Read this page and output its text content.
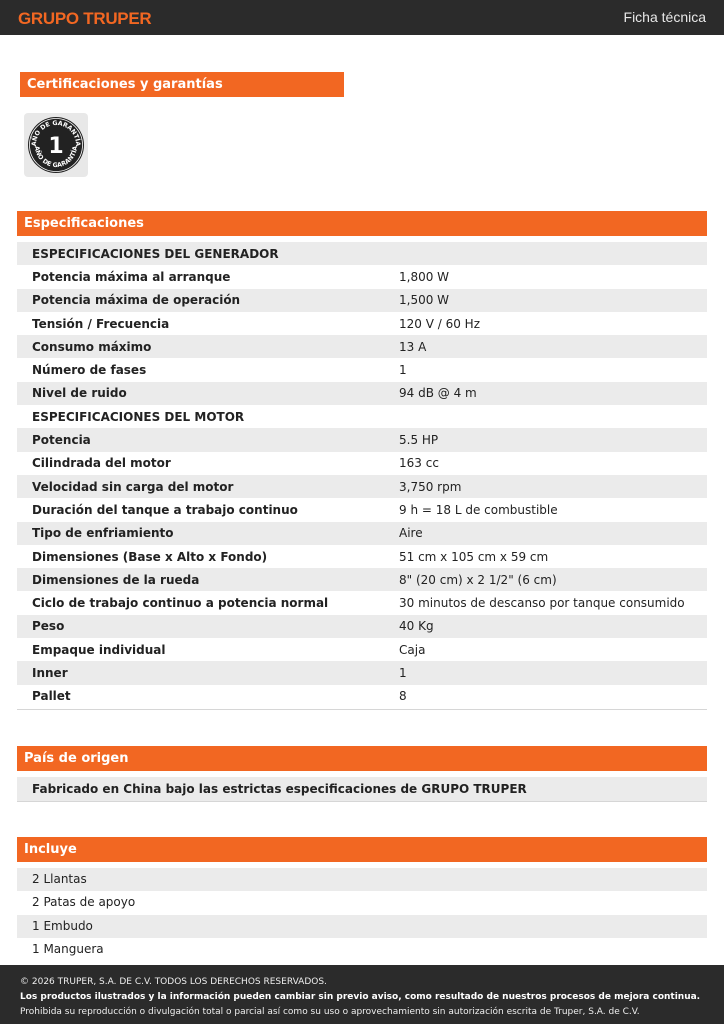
GRUPO TRUPER	Ficha técnica
Certificaciones y garantías
AÑO DE GARANTÍA
AÑO DE GARANTÍA
1
Especificaciones
ESPECIFICACIONES DEL GENERADOR	
Potencia máxima al arranque	1,800 W
Potencia máxima de operación	1,500 W
Tensión / Frecuencia	120 V / 60 Hz
Consumo máximo	13 A
Número de fases	1
Nivel de ruido	94 dB @ 4 m
ESPECIFICACIONES DEL MOTOR	
Potencia	5.5 HP
Cilindrada del motor	163 cc
Velocidad sin carga del motor	3,750 rpm
Duración del tanque a trabajo continuo	9 h = 18 L de combustible
Tipo de enfriamiento	Aire
Dimensiones (Base x Alto x Fondo)	51 cm x 105 cm x 59 cm
Dimensiones de la rueda	8" (20 cm) x 2 1/2" (6 cm)
Ciclo de trabajo continuo a potencia normal	30 minutos de descanso por tanque consumido
Peso	40 Kg
Empaque individual	Caja
Inner	1
Pallet	8
País de origen
Fabricado en China bajo las estrictas especificaciones de GRUPO TRUPER
Incluye
2 Llantas
2 Patas de apoyo
1 Embudo
1 Manguera

© 2026 TRUPER, S.A. DE C.V. TODOS LOS DERECHOS RESERVADOS.

Los productos ilustrados y la información pueden cambiar sin previo aviso, como resultado de nuestros procesos de mejora continua.

Prohibida su reproducción o divulgación total o parcial así como su uso o aprovechamiento sin autorización escrita de Truper, S.A. de C.V.
